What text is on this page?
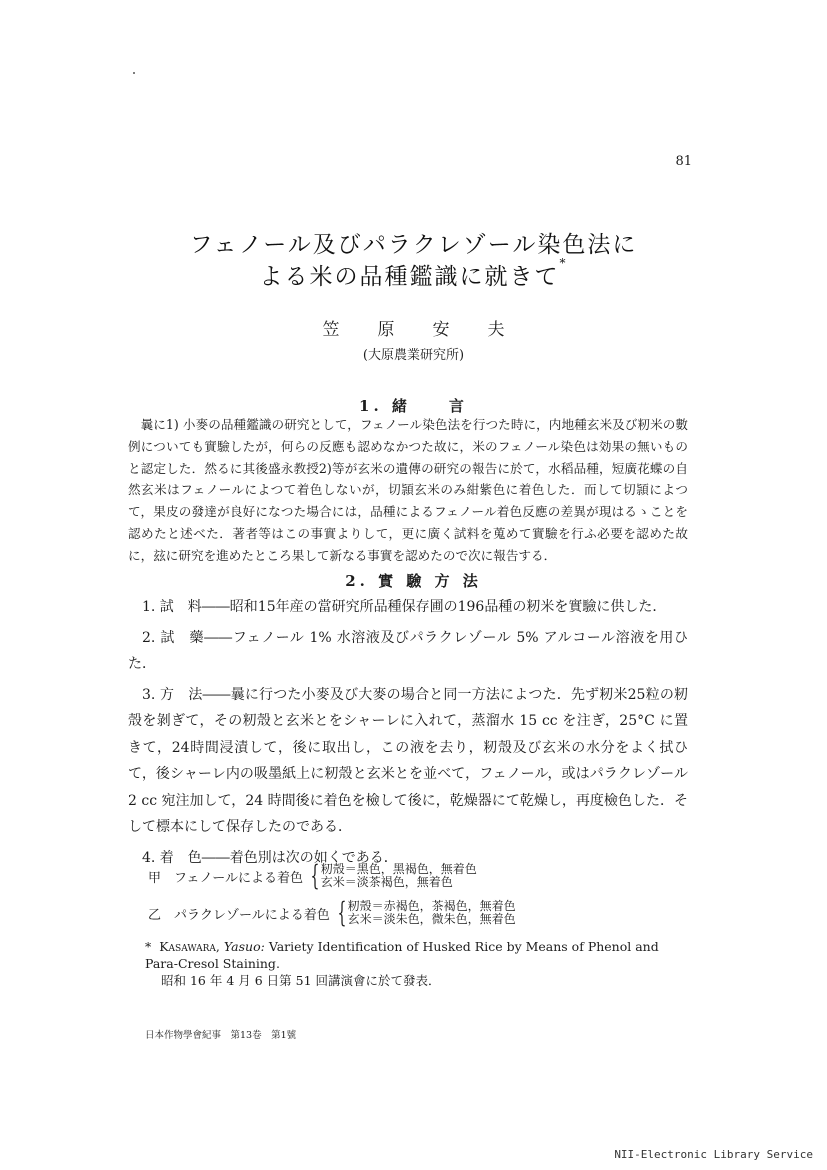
81
フェノール及びパラクレゾール染色法に
よる米の品種鑑識に就きて*
笠原安夫
(大原農業研究所)
1. 緒　　言

曩に1) 小麥の品種鑑識の研究として，フェノール染色法を行つた時に，内地種玄米及び籾米の數例についても實驗したが，何らの反應も認めなかつた故に，米のフェノール染色は効果の無いものと認定した．然るに其後盛永教授2)等が玄米の遺傳の研究の報告に於て，水稻品種，短廣花蝶の自然玄米はフェノールによつて着色しないが，切頴玄米のみ紺紫色に着色した．而して切頴によつて，果皮の發達が良好になつた場合には，品種によるフェノール着色反應の差異が現はるゝことを認めたと述べた．著者等はこの事實よりして，更に廣く試料を蒐めて實驗を行ふ必要を認めた故に，玆に研究を進めたところ果して新なる事實を認めたので次に報告する．

2. 實 驗 方 法

1. 試　料――昭和15年産の當研究所品種保存圃の196品種の籾米を實驗に供した．

2. 試　藥――フェノール 1% 水溶液及びパラクレゾール 5% アルコール溶液を用ひた．

3. 方　法――曩に行つた小麥及び大麥の場合と同一方法によつた．先ず籾米25粒の籾殼を剝ぎて，その籾殼と玄米とをシャーレに入れて，蒸溜水 15 cc を注ぎ，25°C に置きて，24時間浸漬して，後に取出し，この液を去り，籾殼及び玄米の水分をよく拭ひて，後シャーレ内の吸墨紙上に籾殼と玄米とを並べて，フェノール，或はパラクレゾール 2 cc 宛注加して，24 時間後に着色を檢して後に，乾燥器にて乾燥し，再度檢色した．そして標本にして保存したのである．

4. 着　色――着色別は次の如くである．

甲　フェノールによる着色 { 籾殼＝黑色，黑褐色，無着色
玄米＝淡茶褐色，無着色
乙　パラクレゾールによる着色 { 籾殼＝赤褐色，茶褐色，無着色
玄米＝淡朱色，微朱色，無着色

* Kasawara, Yasuo: Variety Identification of Husked Rice by Means of Phenol and Para-Cresol Staining.

昭和 16 年 4 月 6 日第 51 回講演會に於て發表．

日本作物學會紀事　第13卷　第1號
NII-Electronic Library Service
